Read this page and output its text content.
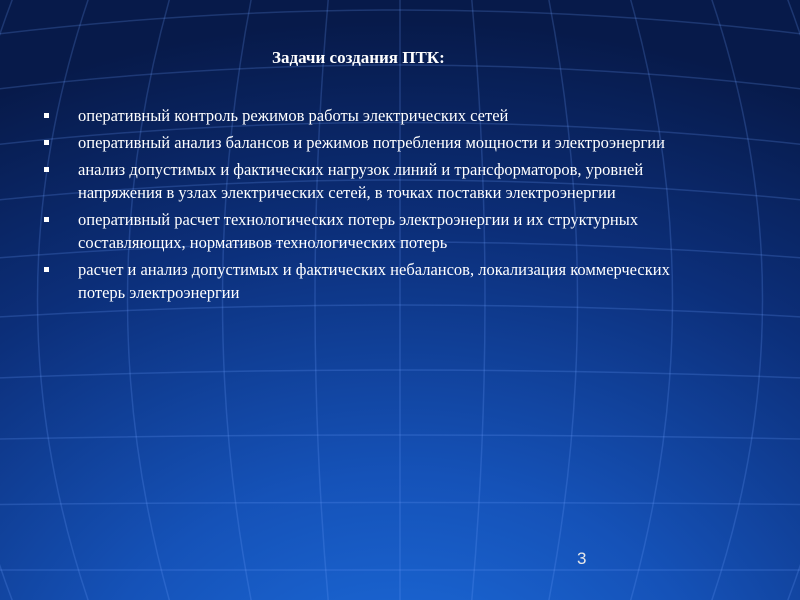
Задачи создания ПТК:
оперативный контроль режимов работы электрических сетей
оперативный анализ балансов и режимов потребления мощности и электроэнергии
анализ допустимых и фактических нагрузок линий и трансформаторов, уровней напряжения в узлах электрических сетей, в точках поставки электроэнергии
оперативный расчет технологических потерь электроэнергии и их структурных составляющих, нормативов технологических потерь
расчет и анализ допустимых и фактических небалансов, локализация коммерческих потерь электроэнергии
3
